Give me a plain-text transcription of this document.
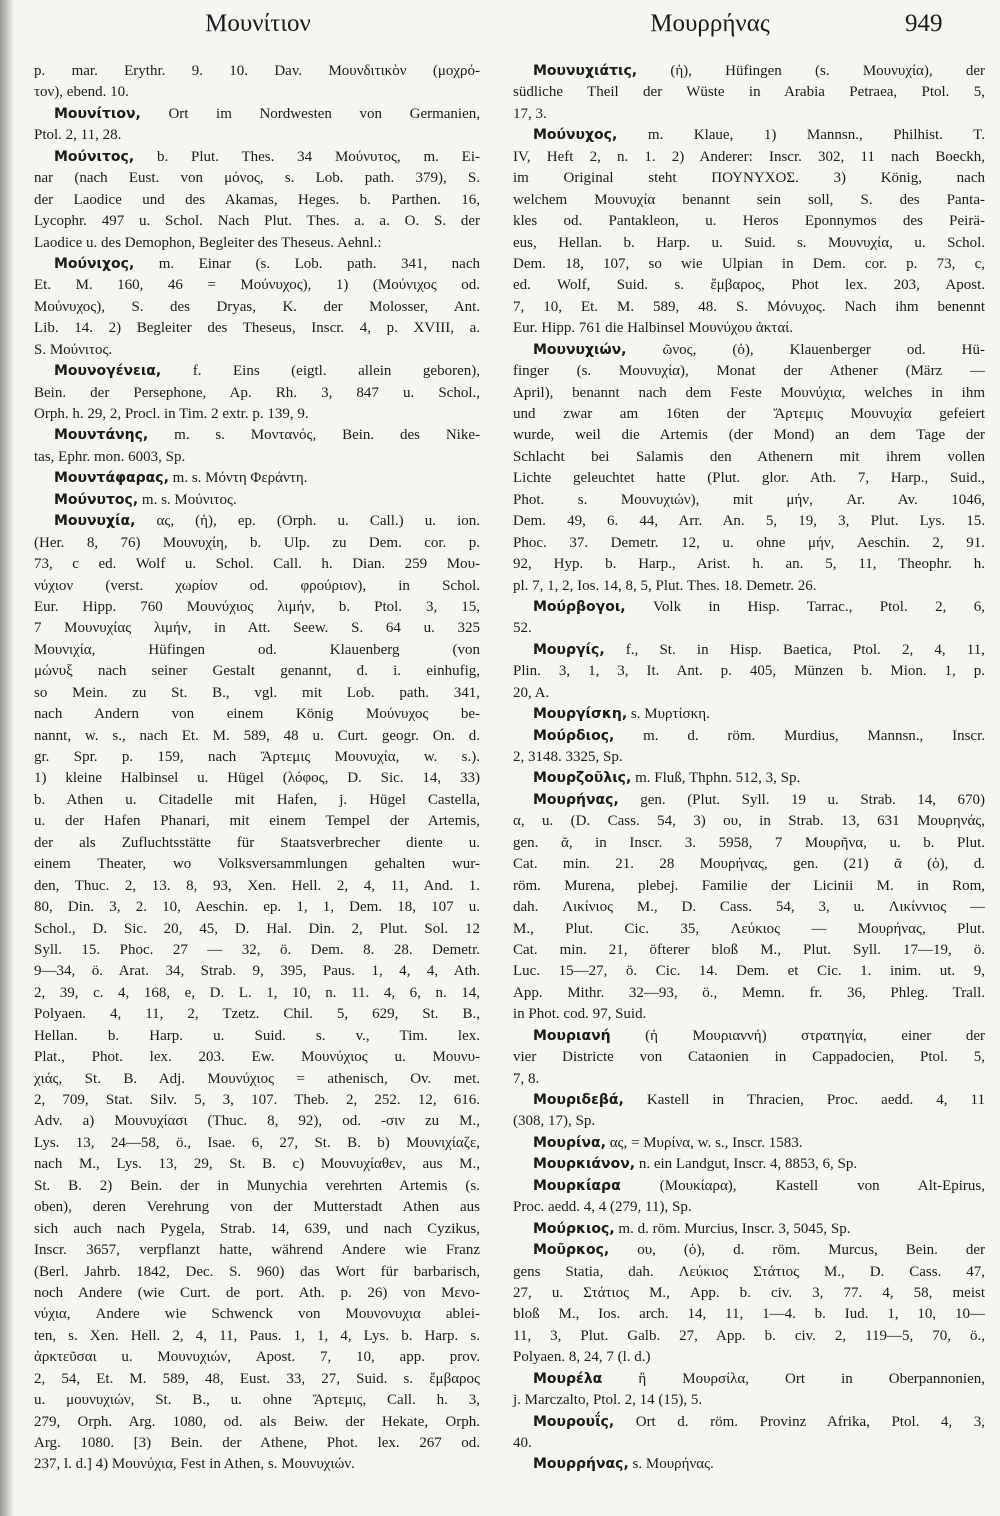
Μουνίτιον	Μουρρήνας	949
p. mar. Erythr. 9. 10. Dav. Μουνδιτικὸν (μοχρό-
τον), ebend. 10.
Μουνίτιον, Ort im Nordwesten von Germanien,
Ptol. 2, 11, 28.
Μούνιτος, b. Plut. Thes. 34 Μούνυτος, m. Ei-
nar (nach Eust. von μόνος, s. Lob. path. 379), S.
der Laodice und des Akamas, Heges. b. Parthen. 16,
Lycophr. 497 u. Schol. Nach Plut. Thes. a. a. O. S. der
Laodice u. des Demophon, Begleiter des Theseus. Aehnl.:
Μούνιχος, m. Einar (s. Lob. path. 341, nach
Et. M. 160, 46 = Μούνυχος), 1) (Μούνιχος od.
Μούνυχος), S. des Dryas, K. der Molosser, Ant.
Lib. 14. 2) Begleiter des Theseus, Inscr. 4, p. XVIII, a.
S. Μούνιτος.
Μουνογένεια, f. Eins (eigtl. allein geboren),
Bein. der Persephone, Ap. Rh. 3, 847 u. Schol.,
Orph. h. 29, 2, Procl. in Tim. 2 extr. p. 139, 9.
Μουντάνης, m. s. Μοντανός, Bein. des Nike-
tas, Ephr. mon. 6003, Sp.
Μουντάφαρας, m. s. Μόντη Φεράντη.
Μούνυτος, m. s. Μούνιτος.
Μουνυχία, ας, (ἡ), ep. (Orph. u. Call.) u. ion.
(Her. 8, 76) Μουνυχίη, b. Ulp. zu Dem. cor. p.
73, c ed. Wolf u. Schol. Call. h. Dian. 259 Μου-
νύχιον (verst. χωρίον od. φρούριον), in Schol.
Eur. Hipp. 760 Μουνύχιος λιμήν, b. Ptol. 3, 15,
7 Μουνυχίας λιμήν, in Att. Seew. S. 64 u. 325
Μουνιχία, Hüfingen od. Klauenberg (von
μώνυξ nach seiner Gestalt genannt, d. i. einhufig,
so Mein. zu St. B., vgl. mit Lob. path. 341,
nach Andern von einem König Μούνυχος be-
nannt, w. s., nach Et. M. 589, 48 u. Curt. geogr. On. d.
gr. Spr. p. 159, nach Ἄρτεμις Μουνυχία, w. s.).
1) kleine Halbinsel u. Hügel (λόφος, D. Sic. 14, 33)
b. Athen u. Citadelle mit Hafen, j. Hügel Castella,
u. der Hafen Phanari, mit einem Tempel der Artemis,
der als Zufluchtsstätte für Staatsverbrecher diente u.
einem Theater, wo Volksversammlungen gehalten wur-
den, Thuc. 2, 13. 8, 93, Xen. Hell. 2, 4, 11, And. 1.
80, Din. 3, 2. 10, Aeschin. ep. 1, 1, Dem. 18, 107 u.
Schol., D. Sic. 20, 45, D. Hal. Din. 2, Plut. Sol. 12
Syll. 15. Phoc. 27 — 32, ö. Dem. 8. 28. Demetr.
9—34, ö. Arat. 34, Strab. 9, 395, Paus. 1, 4, 4, Ath.
2, 39, c. 4, 168, e, D. L. 1, 10, n. 11. 4, 6, n. 14,
Polyaen. 4, 11, 2, Tzetz. Chil. 5, 629, St. B.,
Hellan. b. Harp. u. Suid. s. v., Tim. lex.
Plat., Phot. lex. 203. Ew. Μουνύχιος u. Μουνυ-
χιάς, St. B. Adj. Μουνύχιος = athenisch, Ov. met.
2, 709, Stat. Silv. 5, 3, 107. Theb. 2, 252. 12, 616.
Adv. a) Μουνυχίασι (Thuc. 8, 92), od. -σιν zu M.,
Lys. 13, 24—58, ö., Isae. 6, 27, St. B. b) Μουνιχίαζε,
nach M., Lys. 13, 29, St. B. c) Μουνυχίαθεν, aus M.,
St. B. 2) Bein. der in Munychia verehrten Artemis (s.
oben), deren Verehrung von der Mutterstadt Athen aus
sich auch nach Pygela, Strab. 14, 639, und nach Cyzikus,
Inscr. 3657, verpflanzt hatte, während Andere wie Franz
(Berl. Jahrb. 1842, Dec. S. 960) das Wort für barbarisch,
noch Andere (wie Curt. de port. Ath. p. 26) von Μενο-
νύχια, Andere wie Schwenck von Μουνονυχια ablei-
ten, s. Xen. Hell. 2, 4, 11, Paus. 1, 1, 4, Lys. b. Harp. s.
ἀρκτεῦσαι u. Μουνυχιών, Apost. 7, 10, app. prov.
2, 54, Et. M. 589, 48, Eust. 33, 27, Suid. s. ἔμβαρος
u. μουνυχιών, St. B., u. ohne Ἄρτεμις, Call. h. 3,
279, Orph. Arg. 1080, od. als Beiw. der Hekate, Orph.
Arg. 1080. [3) Bein. der Athene, Phot. lex. 267 od.
237, l. d.] 4) Μουνύχια, Fest in Athen, s. Μουνυχιών.
Μουνυχιάτις, (ἡ), Hüfingen (s. Μουνυχία), der
südliche Theil der Wüste in Arabia Petraea, Ptol. 5,
17, 3.
Μούνυχος, m. Klaue, 1) Mannsn., Philhist. T.
IV, Heft 2, n. 1. 2) Anderer: Inscr. 302, 11 nach Boeckh,
im Original steht ΠΟΥΝΥΧΟΣ. 3) König, nach
welchem Μουνυχία benannt sein soll, S. des Panta-
kles od. Pantakleon, u. Heros Eponnymos des Peirä-
eus, Hellan. b. Harp. u. Suid. s. Μουνυχία, u. Schol.
Dem. 18, 107, so wie Ulpian in Dem. cor. p. 73, c,
ed. Wolf, Suid. s. ἔμβαρος, Phot lex. 203, Apost.
7, 10, Et. M. 589, 48. S. Μόνυχος. Nach ihm benennt
Eur. Hipp. 761 die Halbinsel Μουνύχου ἀκταί.
Μουνυχιών, ῶνος, (ὁ), Klauenberger od. Hü-
finger (s. Μουνυχία), Monat der Athener (März —
April), benannt nach dem Feste Μουνύχια, welches in ihm
und zwar am 16ten der Ἄρτεμις Μουνυχία gefeiert
wurde, weil die Artemis (der Mond) an dem Tage der
Schlacht bei Salamis den Athenern mit ihrem vollen
Lichte geleuchtet hatte (Plut. glor. Ath. 7, Harp., Suid.,
Phot. s. Μουνυχιών), mit μήν, Ar. Av. 1046,
Dem. 49, 6. 44, Arr. An. 5, 19, 3, Plut. Lys. 15.
Phoc. 37. Demetr. 12, u. ohne μήν, Aeschin. 2, 91.
92, Hyp. b. Harp., Arist. h. an. 5, 11, Theophr. h.
pl. 7, 1, 2, Ios. 14, 8, 5, Plut. Thes. 18. Demetr. 26.
Μούρβογοι, Volk in Hisp. Tarrac., Ptol. 2, 6,
52.
Μουργίς, f., St. in Hisp. Baetica, Ptol. 2, 4, 11,
Plin. 3, 1, 3, It. Ant. p. 405, Münzen b. Mion. 1, p.
20, A.
Μουργίσκη, s. Μυρτίσκη.
Μούρδιος, m. d. röm. Murdius, Mannsn., Inscr.
2, 3148. 3325, Sp.
Μουρζοῦλις, m. Fluß, Thphn. 512, 3, Sp.
Μουρήνας, gen. (Plut. Syll. 19 u. Strab. 14, 670)
α, u. (D. Cass. 54, 3) ου, in Strab. 13, 631 Μουρηνάς,
gen. ᾶ, in Inscr. 3. 5958, 7 Μουρῆνα, u. b. Plut.
Cat. min. 21. 28 Μουρήνας, gen. (21) ᾶ (ὁ), d.
röm. Murena, plebej. Familie der Licinii M. in Rom,
dah. Λικίνιος Μ., D. Cass. 54, 3, u. Λικίννιος —
Μ., Plut. Cic. 35, Λεύκιος — Μουρήνας, Plut.
Cat. min. 21, öfterer bloß Μ., Plut. Syll. 17—19, ö.
Luc. 15—27, ö. Cic. 14. Dem. et Cic. 1. inim. ut. 9,
App. Mithr. 32—93, ö., Memn. fr. 36, Phleg. Trall.
in Phot. cod. 97, Suid.
Μουριανή (ἡ Μουριαννή) στρατηγία, einer der
vier Districte von Cataonien in Cappadocien, Ptol. 5,
7, 8.
Μουριδεβά, Kastell in Thracien, Proc. aedd. 4, 11
(308, 17), Sp.
Μουρίνα, ας, = Μυρίνα, w. s., Inscr. 1583.
Μουρκιάνον, n. ein Landgut, Inscr. 4, 8853, 6, Sp.
Μουρκίαρα (Μουκίαρα), Kastell von Alt-Epirus,
Proc. aedd. 4, 4 (279, 11), Sp.
Μούρκιος, m. d. röm. Murcius, Inscr. 3, 5045, Sp.
Μοῦρκος, ου, (ὁ), d. röm. Murcus, Bein. der
gens Statia, dah. Λεύκιος Στάτιος Μ., D. Cass. 47,
27, u. Στάτιος Μ., App. b. civ. 3, 77. 4, 58, meist
bloß Μ., Ios. arch. 14, 11, 1—4. b. Iud. 1, 10, 10—
11, 3, Plut. Galb. 27, App. b. civ. 2, 119—5, 70, ö.,
Polyaen. 8, 24, 7 (l. d.)
Μουρέλα ἢ Μουρσίλα, Ort in Oberpannonien,
j. Marczalto, Ptol. 2, 14 (15), 5.
Μουρουΐς, Ort d. röm. Provinz Afrika, Ptol. 4, 3,
40.
Μουρρήνας, s. Μουρήνας.
